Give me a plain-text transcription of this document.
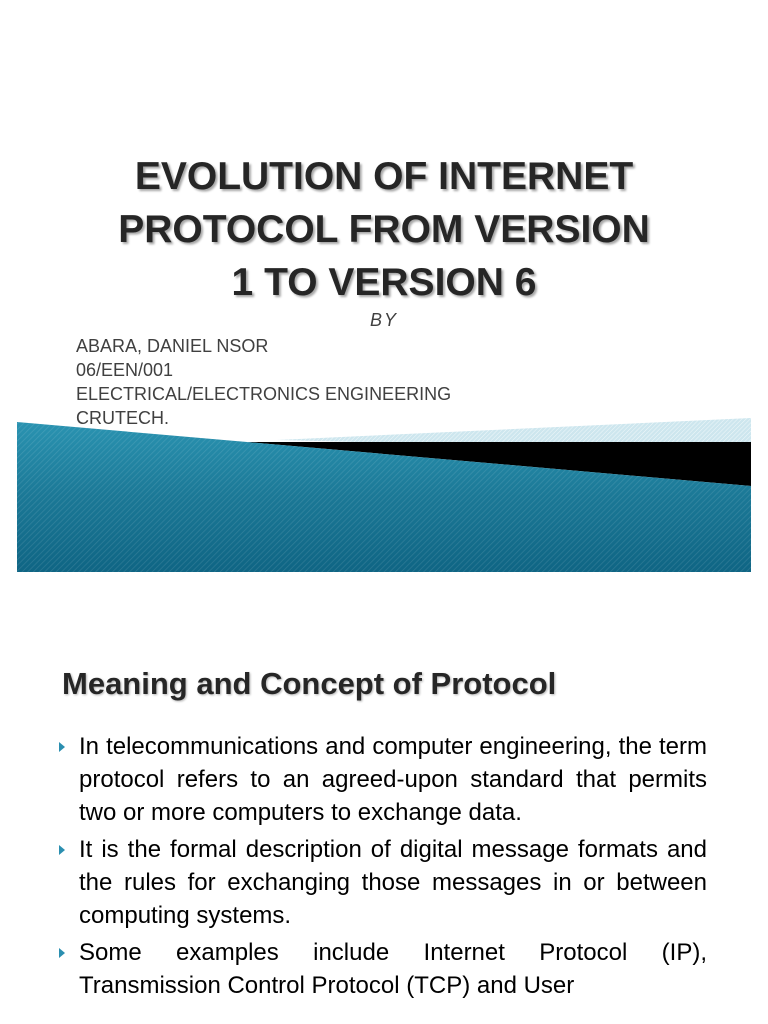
EVOLUTION OF INTERNET
PROTOCOL FROM VERSION
1 TO VERSION 6
BY
ABARA, DANIEL NSOR
06/EEN/001
ELECTRICAL/ELECTRONICS ENGINEERING
CRUTECH.
Meaning and Concept of Protocol
In telecommunications and computer engineering, the term protocol refers to an agreed-upon standard that permits two or more computers to exchange data.
It is the formal description of digital message formats and the rules for exchanging those messages in or between computing systems.
Some examples include Internet Protocol (IP), Transmission Control Protocol (TCP) and User
